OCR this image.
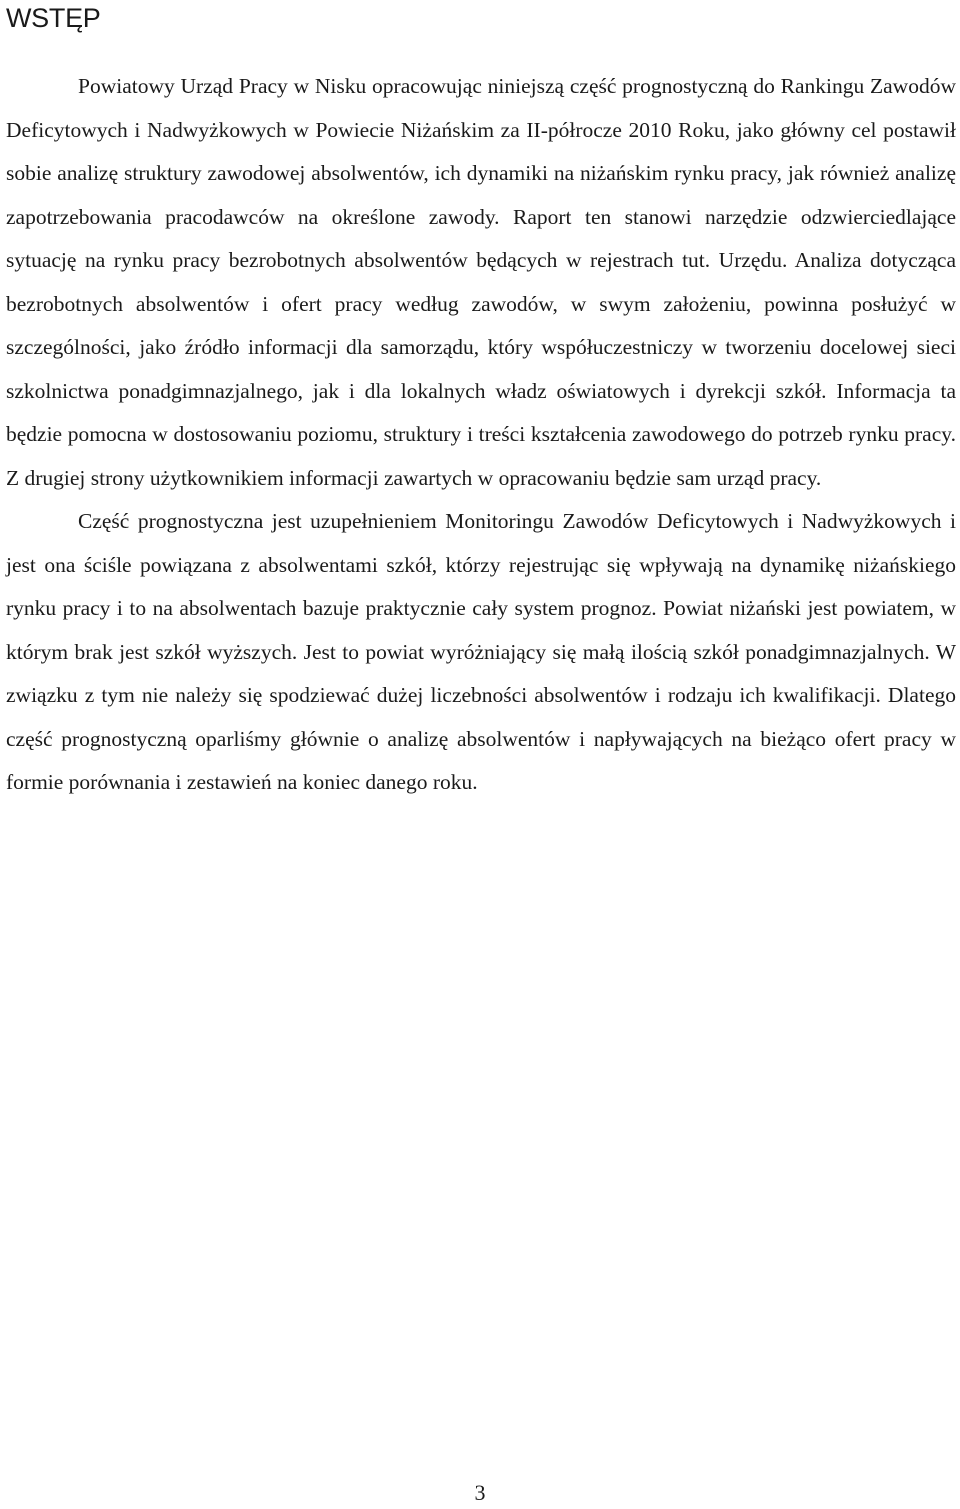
WSTĘP

Powiatowy Urząd Pracy w Nisku opracowując niniejszą część prognostyczną do Rankingu Zawodów Deficytowych i Nadwyżkowych w Powiecie Niżańskim za II-półrocze 2010 Roku, jako główny cel postawił sobie analizę struktury zawodowej absolwentów, ich dynamiki na niżańskim rynku pracy, jak również analizę zapotrzebowania pracodawców na określone zawody. Raport ten stanowi narzędzie odzwierciedlające sytuację na rynku pracy bezrobotnych absolwentów będących w rejestrach tut. Urzędu. Analiza dotycząca bezrobotnych absolwentów i ofert pracy według zawodów, w swym założeniu, powinna posłużyć w szczególności, jako źródło informacji dla samorządu, który współuczestniczy w tworzeniu docelowej sieci szkolnictwa ponadgimnazjalnego, jak i dla lokalnych władz oświatowych i dyrekcji szkół. Informacja ta będzie pomocna w dostosowaniu poziomu, struktury i treści kształcenia zawodowego do potrzeb rynku pracy. Z drugiej strony użytkownikiem informacji zawartych w opracowaniu będzie sam urząd pracy.

Część prognostyczna jest uzupełnieniem Monitoringu Zawodów Deficytowych i Nadwyżkowych i jest ona ściśle powiązana z absolwentami szkół, którzy rejestrując się wpływają na dynamikę niżańskiego rynku pracy i to na absolwentach bazuje praktycznie cały system prognoz. Powiat niżański jest powiatem, w którym brak jest szkół wyższych. Jest to powiat wyróżniający się małą ilością szkół ponadgimnazjalnych. W związku z tym nie należy się spodziewać dużej liczebności absolwentów i rodzaju ich kwalifikacji. Dlatego część prognostyczną oparliśmy głównie o analizę absolwentów i napływających na bieżąco ofert pracy w formie porównania i zestawień na koniec danego roku.

3
